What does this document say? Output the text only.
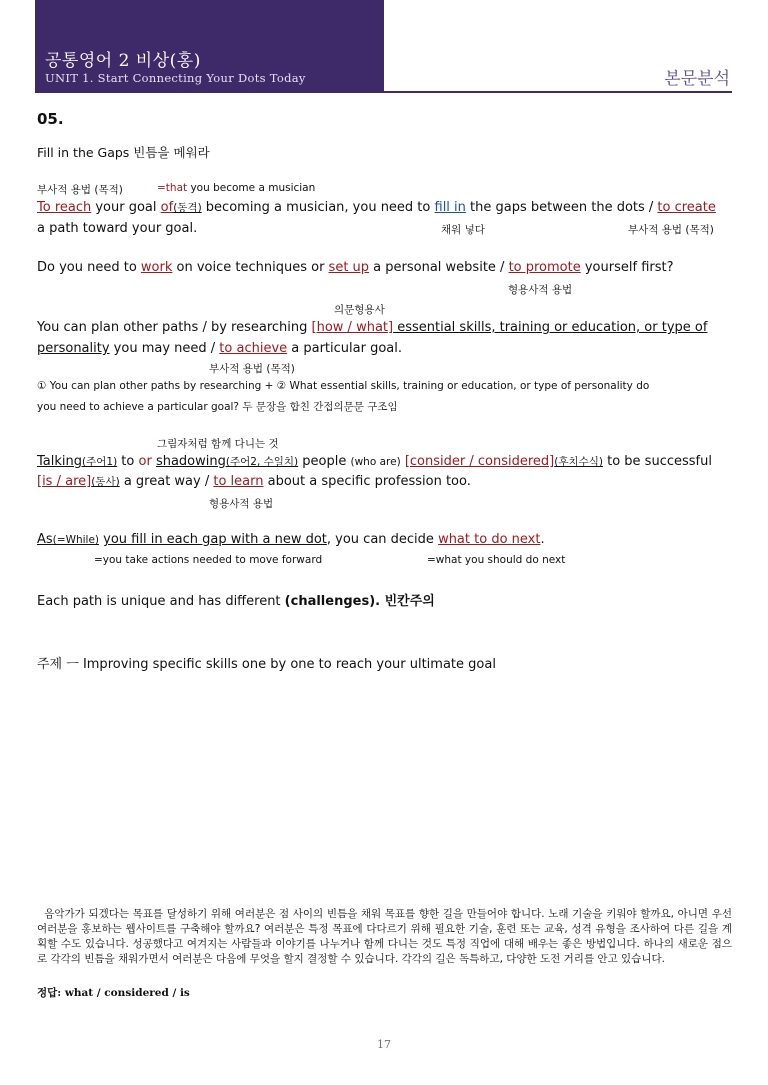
공통영어 2 비상(홍)
UNIT 1. Start Connecting Your Dots Today	본문분석
05.
Fill in the Gaps 빈틈을 메워라
부사적 용법 (목적)	=that you become a musician
To reach your goal of(동격) becoming a musician, you need to fill in the gaps between the dots / to create
a path toward your goal.	채워 넣다	부사적 용법 (목적)
Do you need to work on voice techniques or set up a personal website / to promote yourself first?
형용사적 용법
의문형용사
You can plan other paths / by researching [how / what] essential skills, training or education, or type of
personality you may need / to achieve a particular goal.
부사적 용법 (목적)
① You can plan other paths by researching + ② What essential skills, training or education, or type of personality do
you need to achieve a particular goal? 두 문장을 합친 간접의문문 구조임
그림자처럼 함께 다니는 것
Talking(주어1) to or shadowing(주어2, 수일치) people (who are) [consider / considered](후치수식) to be successful
[is / are](동사) a great way / to learn about a specific profession too.
형용사적 용법
As(=While) you fill in each gap with a new dot, you can decide what to do next.
=you take actions needed to move forward	=what you should do next
Each path is unique and has different (challenges). 빈칸주의
주제 ㅡ Improving specific skills one by one to reach your ultimate goal
음악가가 되겠다는 목표를 달성하기 위해 여러분은 점 사이의 빈틈을 채워 목표를 향한 길을 만들어야 합니다. 노래 기술을 키워야 할까요, 아니면 우선 여러분을 홍보하는 웹사이트를 구축해야 할까요? 여러분은 특정 목표에 다다르기 위해 필요한 기술, 훈련 또는 교육, 성격 유형을 조사하여 다른 길을 계획할 수도 있습니다. 성공했다고 여겨지는 사람들과 이야기를 나누거나 함께 다니는 것도 특정 직업에 대해 배우는 좋은 방법입니다. 하나의 새로운 점으로 각각의 빈틈을 채워가면서 여러분은 다음에 무엇을 할지 결정할 수 있습니다. 각각의 길은 독특하고, 다양한 도전 거리를 안고 있습니다.
정답: what / considered / is
17
